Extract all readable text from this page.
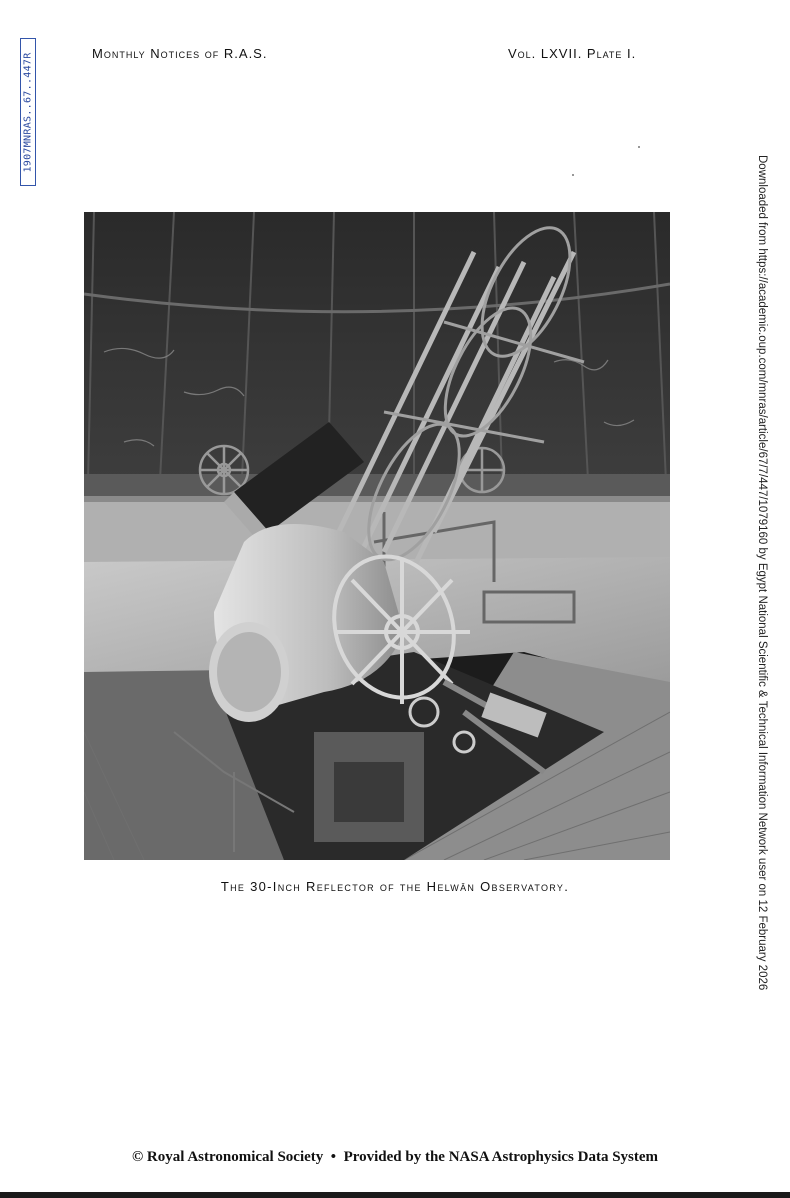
1907MNRAS..67..447R	Monthly Notices of R.A.S.	Vol. LXVII. Plate I.
Downloaded from https://academic.oup.com/mnras/article/67/7/447/1079160 by Egypt National Scientific & Technical Information Network user on 12 February 2026
The 30-Inch Reflector of the Helwân Observatory.
© Royal Astronomical Society • Provided by the NASA Astrophysics Data System
